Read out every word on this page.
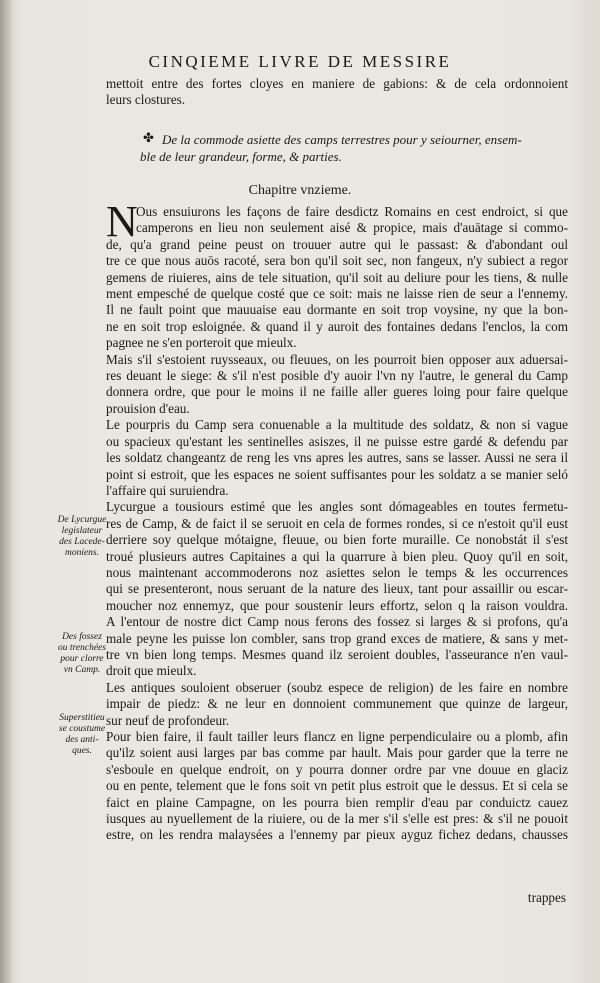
CINQIEME LIVRE DE MESSIRE
mettoit entre des fortes cloyes en maniere de gabions: & de cela ordonnoient
leurs clostures.
✤ De la commode asiette des camps terrestres pour y seiourner, ensem-
ble de leur grandeur, forme, & parties.
Chapitre vnzieme.
N
Ous ensuiurons les façons de faire desdictz Romains en cest endroict, si que
camperons en lieu non seulement aisé & propice, mais d'auātage si commo-
de, qu'a grand peine peust on trouuer autre qui le passast: & d'abondant oul
tre ce que nous auōs racoté, sera bon qu'il soit sec, non fangeux, n'y subiect a regor
gemens de riuieres, ains de tele situation, qu'il soit au deliure pour les tiens, & nulle
ment empesché de quelque costé que ce soit: mais ne laisse rien de seur a l'ennemy.
Il ne fault point que mauuaise eau dormante en soit trop voysine, ny que la bon-
ne en soit trop esloignée. & quand il y auroit des fontaines dedans l'enclos, la com
pagnee ne s'en porteroit que mieulx.
Mais s'il s'estoient ruysseaux, ou fleuues, on les pourroit bien opposer aux aduersai-
res deuant le siege: & s'il n'est posible d'y auoir l'vn ny l'autre, le general du Camp
donnera ordre, que pour le moins il ne faille aller gueres loing pour faire quelque
prouision d'eau.
Le pourpris du Camp sera conuenable a la multitude des soldatz, & non si vague
ou spacieux qu'estant les sentinelles asiszes, il ne puisse estre gardé & defendu par
les soldatz changeantz de reng les vns apres les autres, sans se lasser. Aussi ne sera il
point si estroit, que les espaces ne soient suffisantes pour les soldatz a se manier seló
l'affaire qui suruiendra.
Lycurgue a tousiours estimé que les angles sont dómageables en toutes fermetu-
res de Camp, & de faict il se seruoit en cela de formes rondes, si ce n'estoit qu'il eust
derriere soy quelque mótaigne, fleuue, ou bien forte muraille. Ce nonobstát il s'est
troué plusieurs autres Capitaines a qui la quarrure à bien pleu. Quoy qu'il en soit,
nous maintenant accommoderons noz asiettes selon le temps & les occurrences
qui se presenteront, nous seruant de la nature des lieux, tant pour assaillir ou escar-
moucher noz ennemyz, que pour soustenir leurs effortz, selon q la raison vouldra.
A l'entour de nostre dict Camp nous ferons des fossez si larges & si profons, qu'a
male peyne les puisse lon combler, sans trop grand exces de matiere, & sans y met-
tre vn bien long temps. Mesmes quand ilz seroient doubles, l'asseurance n'en vaul-
droit que mieulx.
Les antiques souloient obseruer (soubz espece de religion) de les faire en nombre
impair de piedz: & ne leur en donnoient communement que quinze de largeur,
sur neuf de profondeur.
Pour bien faire, il fault tailler leurs flancz en ligne perpendiculaire ou a plomb, afin
qu'ilz soient ausi larges par bas comme par hault. Mais pour garder que la terre ne
s'esboule en quelque endroit, on y pourra donner ordre par vne douue en glaciz
ou en pente, telement que le fons soit vn petit plus estroit que le dessus. Et si cela se
faict en plaine Campagne, on les pourra bien remplir d'eau par conduictz cauez
iusques au nyuellement de la riuiere, ou de la mer s'il s'elle est pres: & s'il ne pouoit
estre, on les rendra malaysées a l'ennemy par pieux ayguz fichez dedans, chausses
De Lycurgue
legislateur
des Lacede-
moniens.
Des fossez
ou trenchées
pour clorre
vn Camp.
Superstitieu
se coustume
des anti-
ques.
trappes
